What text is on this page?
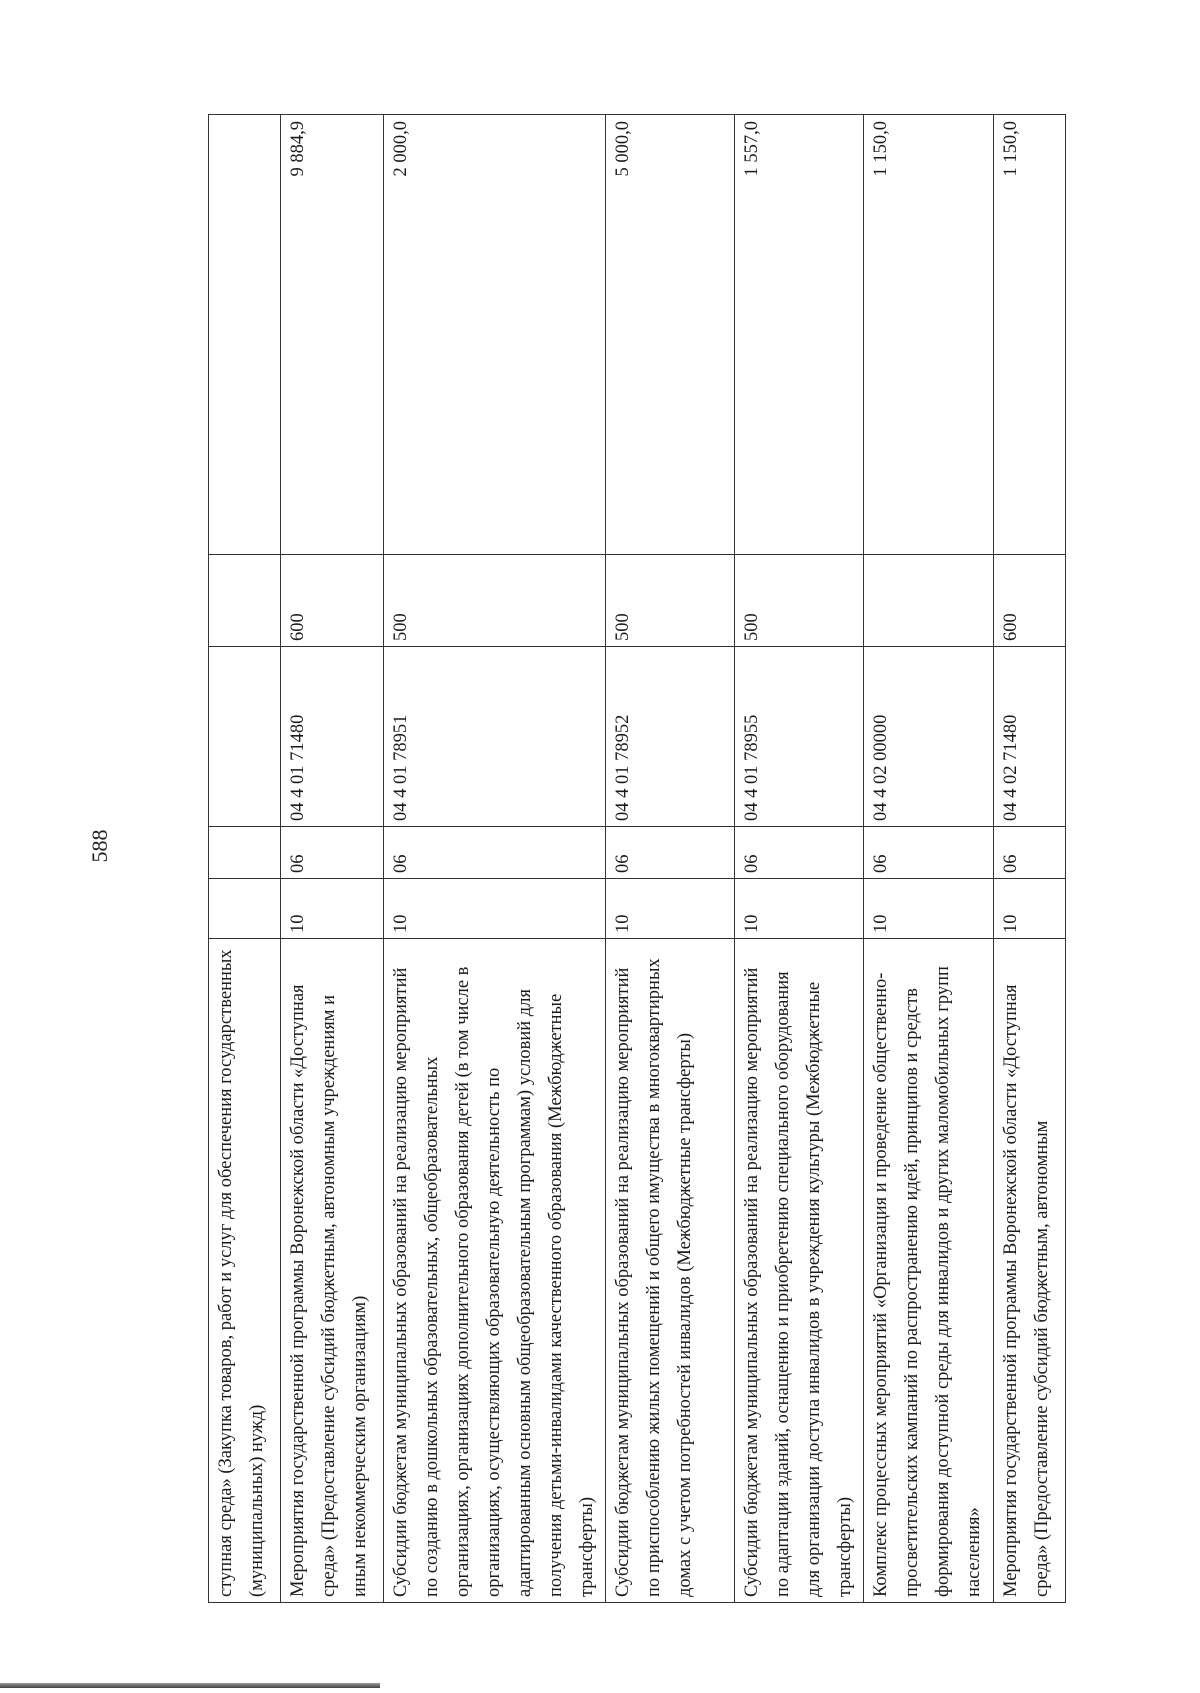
588
ступная среда» (Закупка товаров, работ и услуг для обеспечения государственных (муниципальных) нужд)					
Мероприятия государственной программы Воронежской области «Доступная среда» (Предоставление субсидий бюджетным, автономным учреждениям и иным некоммерческим организациям)	10	06	04 4 01 71480	600	9 884,9
Субсидии бюджетам муниципальных образований на реализацию мероприятий по созданию в дошкольных образовательных, общеобразовательных организациях, организациях дополнительного образования детей (в том числе в организациях, осуществляющих образовательную деятельность по адаптированным основным общеобразовательным программам) условий для получения детьми-инвалидами качественного образования (Межбюджетные трансферты)	10	06	04 4 01 78951	500	2 000,0
Субсидии бюджетам муниципальных образований на реализацию мероприятий по приспособлению жилых помещений и общего имущества в многоквартирных домах с учетом потребностей инвалидов (Межбюджетные трансферты)	10	06	04 4 01 78952	500	5 000,0
Субсидии бюджетам муниципальных образований на реализацию мероприятий по адаптации зданий, оснащению и приобретению специального оборудования для организации доступа инвалидов в учреждения культуры (Межбюджетные трансферты)	10	06	04 4 01 78955	500	1 557,0
Комплекс процессных мероприятий «Организация и проведение общественно-просветительских кампаний по распространению идей, принципов и средств формирования доступной среды для инвалидов и других маломобильных групп населения»	10	06	04 4 02 00000		1 150,0
Мероприятия государственной программы Воронежской области «Доступная среда» (Предоставление субсидий бюджетным, автономным	10	06	04 4 02 71480	600	1 150,0
